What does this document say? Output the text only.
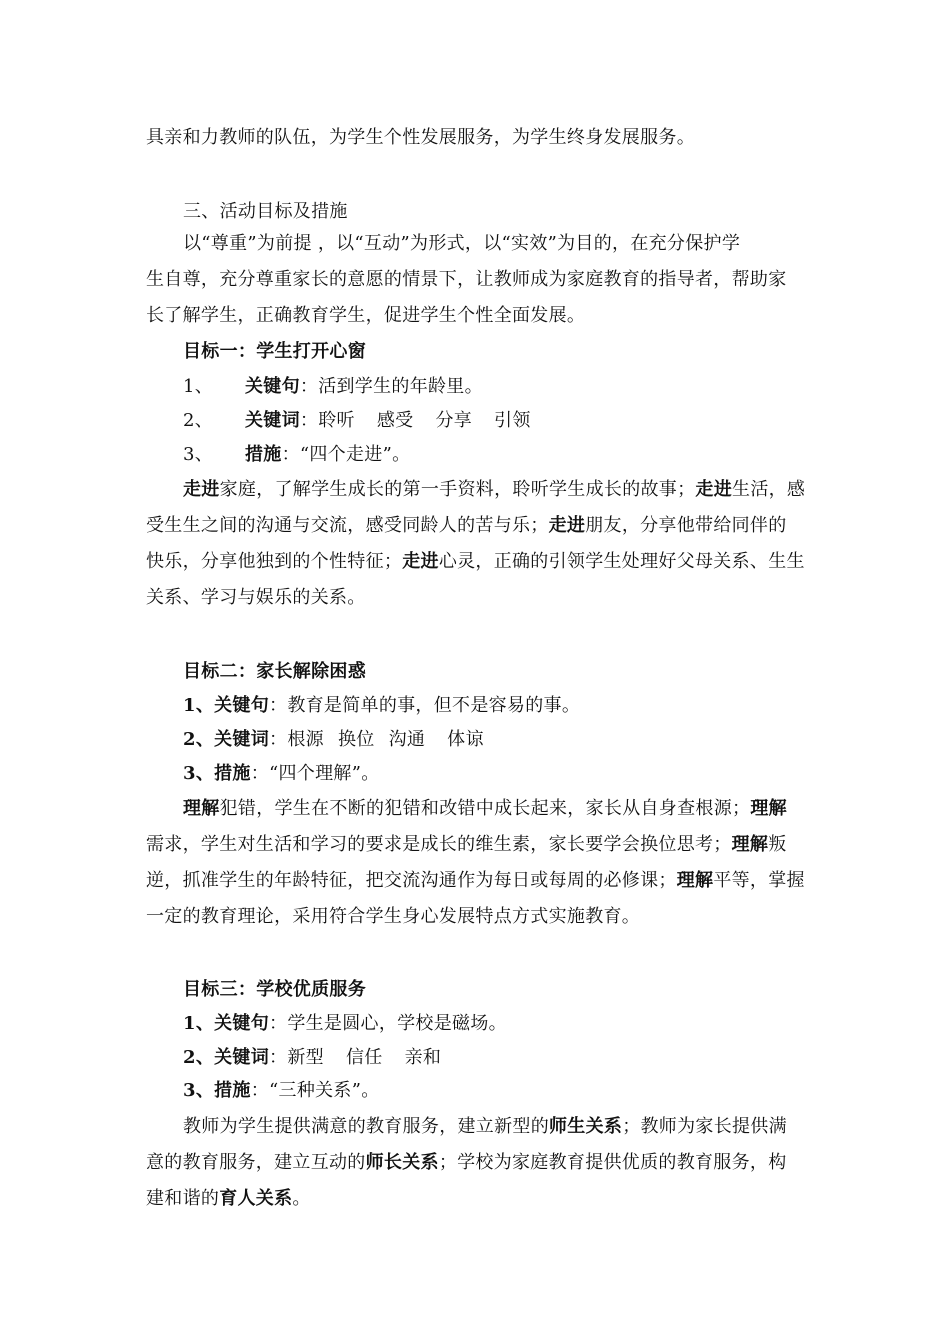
具亲和力教师的队伍，为学生个性发展服务，为学生终身发展服务。
三、活动目标及措施
以“尊重”为前提 ，以“互动”为形式，以“实效”为目的，在充分保护学
生自尊，充分尊重家长的意愿的情景下，让教师成为家庭教育的指导者，帮助家
长了解学生，正确教育学生，促进学生个性全面发展。
目标一：学生打开心窗
1、 关键句：活到学生的年龄里。
2、 关键词：聆听 感受 分享 引领
3、 措施：“四个走进”。
走进家庭，了解学生成长的第一手资料，聆听学生成长的故事；走进生活，感
受生生之间的沟通与交流，感受同龄人的苦与乐；走进朋友，分享他带给同伴的
快乐，分享他独到的个性特征；走进心灵，正确的引领学生处理好父母关系、生生
关系、学习与娱乐的关系。
目标二：家长解除困惑
1、关键句：教育是简单的事，但不是容易的事。
2、关键词：根源 换位 沟通 体谅
3、措施：“四个理解”。
理解犯错，学生在不断的犯错和改错中成长起来，家长从自身查根源；理解
需求，学生对生活和学习的要求是成长的维生素，家长要学会换位思考；理解叛
逆，抓准学生的年龄特征，把交流沟通作为每日或每周的必修课；理解平等，掌握
一定的教育理论，采用符合学生身心发展特点方式实施教育。
目标三：学校优质服务
1、关键句：学生是圆心，学校是磁场。
2、关键词：新型 信任 亲和
3、措施：“三种关系”。
教师为学生提供满意的教育服务，建立新型的师生关系；教师为家长提供满
意的教育服务，建立互动的师长关系；学校为家庭教育提供优质的教育服务，构
建和谐的育人关系。
